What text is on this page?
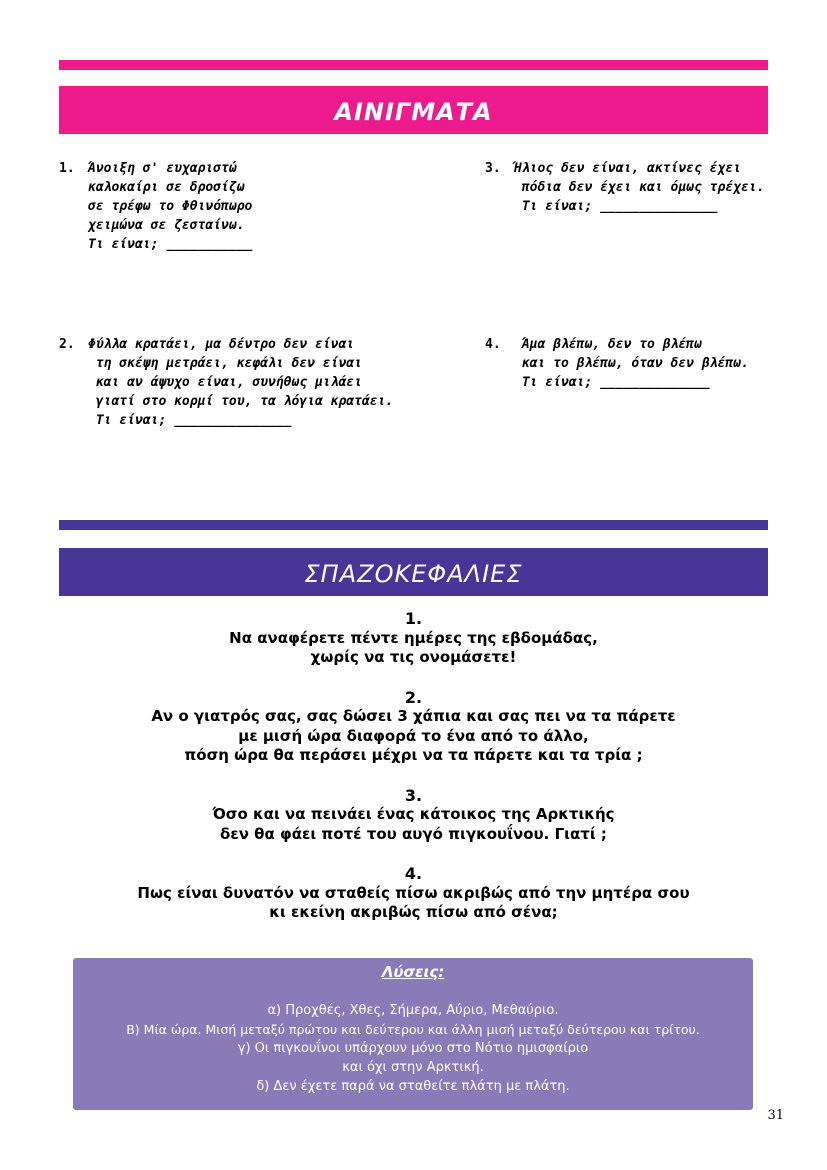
ΑΙΝΙΓΜΑΤΑ
1. Άνοιξη σ' ευχαριστώ
καλοκαίρι σε δροσίζω
σε τρέφω το Φθινόπωρο
χειμώνα σε ζεσταίνω.
Τι είναι; ___________
2. Φύλλα κρατάει, μα δέντρο δεν είναι
τη σκέψη μετράει, κεφάλι δεν είναι
και αν άψυχο είναι, συνήθως μιλάει
γιατί στο κορμί του, τα λόγια κρατάει.
Τι είναι; _______________
3. Ήλιος δεν είναι, ακτίνες έχει
πόδια δεν έχει και όμως τρέχει.
Τι είναι; _______________
4. Άμα βλέπω, δεν το βλέπω
και το βλέπω, όταν δεν βλέπω.
Τι είναι; ______________
ΣΠΑΖΟΚΕΦΑΛΙΕΣ
1.
Να αναφέρετε πέντε ημέρες της εβδομάδας,
χωρίς να τις ονομάσετε!
2.
Αν ο γιατρός σας, σας δώσει 3 χάπια και σας πει να τα πάρετε
με μισή ώρα διαφορά το ένα από το άλλο,
πόση ώρα θα περάσει μέχρι να τα πάρετε και τα τρία ;
3.
Όσο και να πεινάει ένας κάτοικος της Αρκτικής
δεν θα φάει ποτέ του αυγό πιγκουΐνου. Γιατί ;
4.
Πως είναι δυνατόν να σταθείς πίσω ακριβώς από την μητέρα σου
κι εκείνη ακριβώς πίσω από σένα;
Λύσεις:
α) Προχθές, Χθες, Σήμερα, Αύριο, Μεθαύριο.
Β) Μία ώρα. Μισή μεταξύ πρώτου και δεύτερου και άλλη μισή μεταξύ δεύτερου και τρίτου.
γ) Οι πιγκουΐνοι υπάρχουν μόνο στο Νότιο ημισφαίριο
και όχι στην Αρκτική.
δ) Δεν έχετε παρά να σταθείτε πλάτη με πλάτη.
31
